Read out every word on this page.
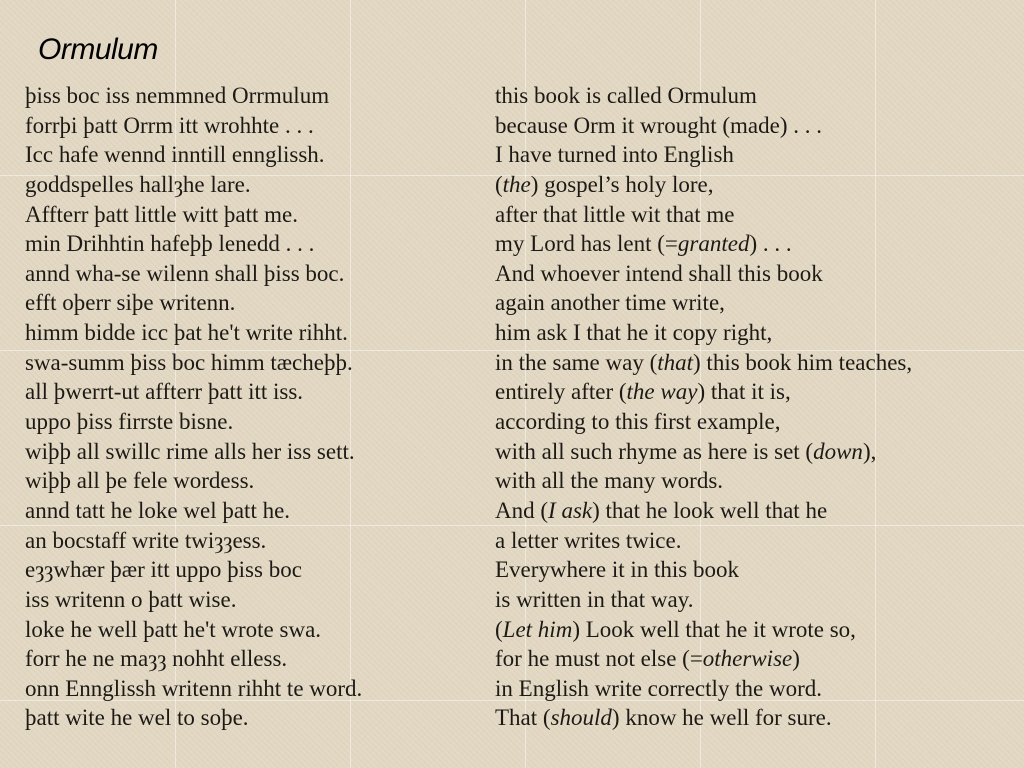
Ormulum
þiss boc iss nemmned Orrmulum
forrþi þatt Orrm itt wrohhte . . .
Icc hafe wennd inntill ennglissh.
goddspelles hallȝhe lare.
Affterr þatt little witt þatt me.
min Drihhtin hafeþþ lenedd . . .
annd wha-se wilenn shall þiss boc.
efft oþerr siþe writenn.
himm bidde icc þat he't write rihht.
swa-summ þiss boc himm tæcheþþ.
all þwerrt-ut affterr þatt itt iss.
uppo þiss firrste bisne.
wiþþ all swillc rime alls her iss sett.
wiþþ all þe fele wordess.
annd tatt he loke wel þatt he.
an bocstaff write twiȝȝess.
eȝȝwhær þær itt uppo þiss boc
iss writenn o þatt wise.
loke he well þatt he't wrote swa.
forr he ne maȝȝ nohht elless.
onn Ennglissh writenn rihht te word.
þatt wite he wel to soþe.
this book is called Ormulum
because Orm it wrought (made) . . .
I have turned into English
(the) gospel’s holy lore,
after that little wit that me
my Lord has lent (=granted) . . .
And whoever intend shall this book
again another time write,
him ask I that he it copy right,
in the same way (that) this book him teaches,
entirely after (the way) that it is,
according to this first example,
with all such rhyme as here is set (down),
with all the many words.
And (I ask) that he look well that he
a letter writes twice.
Everywhere it in this book
is written in that way.
(Let him) Look well that he it wrote so,
for he must not else (=otherwise)
in English write correctly the word.
That (should) know he well for sure.
